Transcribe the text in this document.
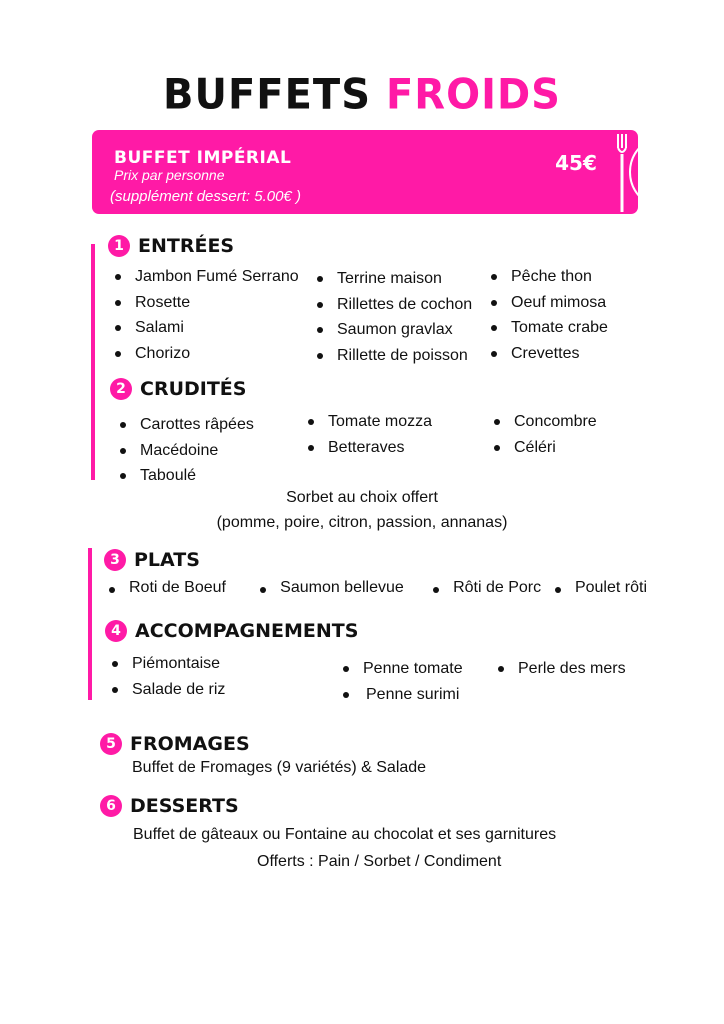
BUFFETS FROIDS
BUFFET IMPÉRIAL
Prix par personne
(supplément dessert: 5.00€ )
45€
1 ENTRÉES
Jambon Fumé Serrano
Rosette
Salami
Chorizo
Terrine maison
Rillettes de cochon
Saumon gravlax
Rillette de poisson
Pêche thon
Oeuf mimosa
Tomate crabe
Crevettes
2 CRUDITÉS
Carottes râpées
Macédoine
Taboulé
Tomate mozza
Betteraves
Concombre
Céléri
Sorbet au choix offert
(pomme, poire, citron, passion, annanas)
3 PLATS
Roti de Boeuf	Saumon bellevue	Rôti de Porc	Poulet rôti
4 ACCOMPAGNEMENTS
Piémontaise
Salade de riz
Penne tomate
Penne surimi
Perle des mers
5 FROMAGES
Buffet de Fromages (9 variétés) & Salade
6 DESSERTS
Buffet de gâteaux ou Fontaine au chocolat et ses garnitures
Offerts : Pain / Sorbet / Condiment
